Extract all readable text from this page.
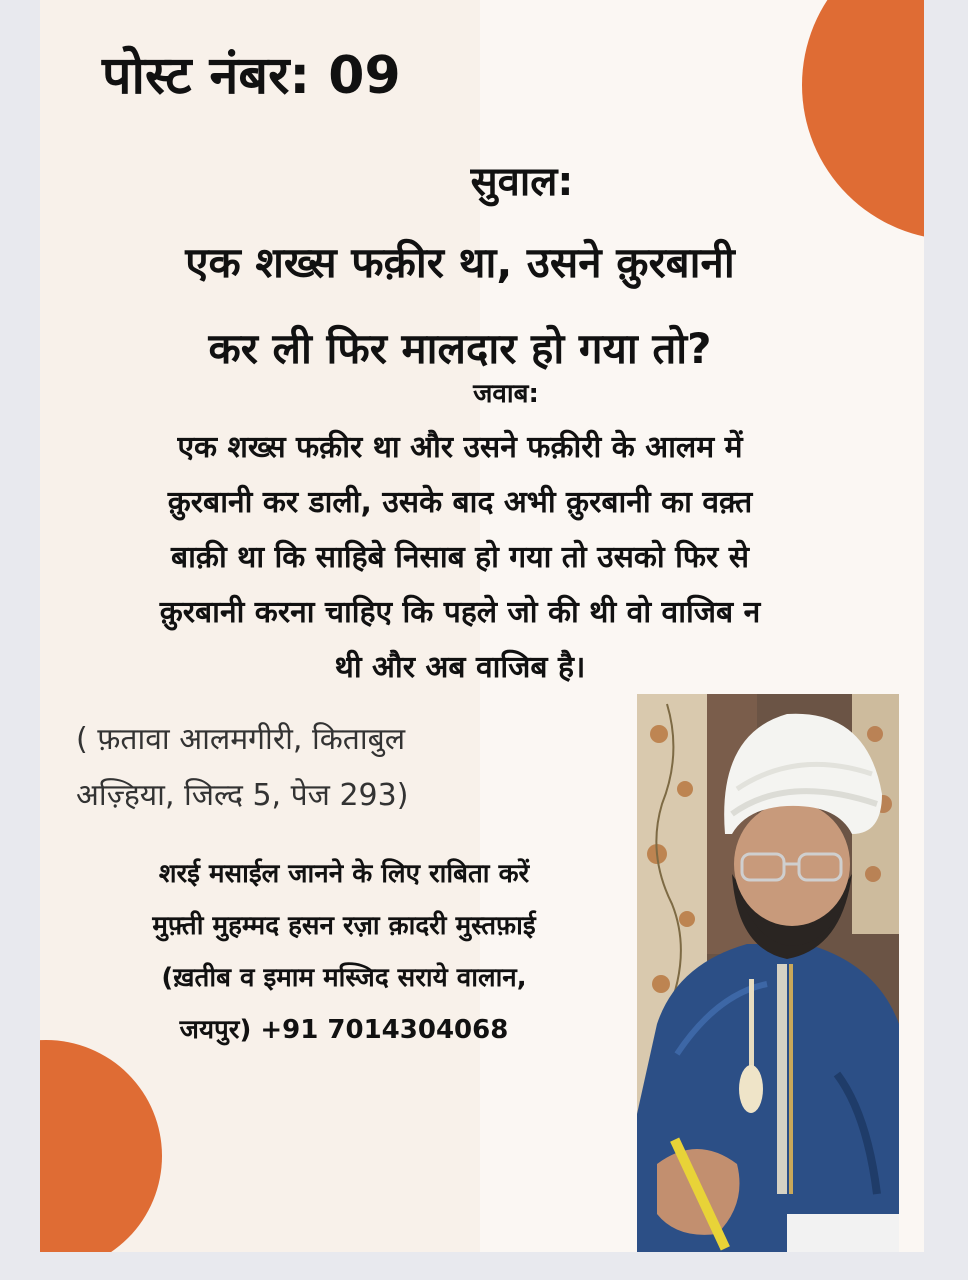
पोस्ट नंबर: 09
सुवाल:
एक शख्स फक़ीर था, उसने क़ुरबानी
कर ली फिर मालदार हो गया तो?
जवाब:
एक शख्स फक़ीर था और उसने फक़ीरी के आलम में
क़ुरबानी कर डाली, उसके बाद अभी क़ुरबानी का वक़्त
बाक़ी था कि साहिबे निसाब हो गया तो उसको फिर से
क़ुरबानी करना चाहिए कि पहले जो की थी वो वाजिब न
थी और अब वाजिब है।
( फ़तावा आलमगीरी, किताबुल
अज़्हिया, जिल्द 5, पेज 293)
शरई मसाईल जानने के लिए राबिता करें
मुफ़्ती मुहम्मद हसन रज़ा क़ादरी मुस्तफ़ाई
(ख़तीब व इमाम मस्जिद सराये वालान,
जयपुर) +91 7014304068
